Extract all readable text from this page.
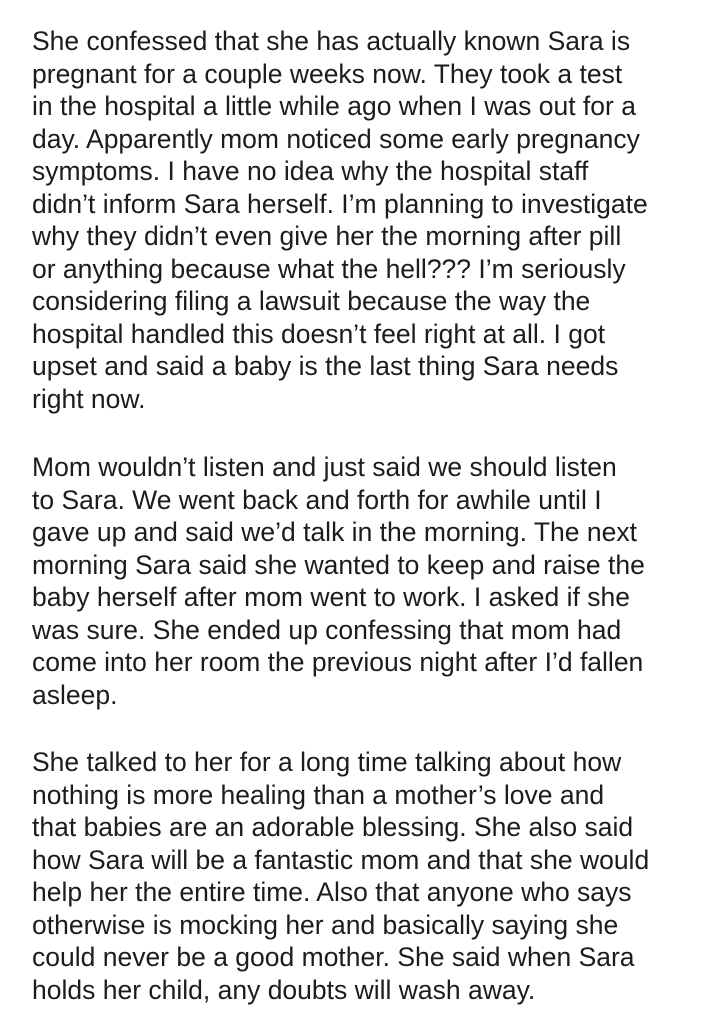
She confessed that she has actually known Sara is
pregnant for a couple weeks now. They took a test
in the hospital a little while ago when I was out for a
day. Apparently mom noticed some early pregnancy
symptoms. I have no idea why the hospital staff
didn’t inform Sara herself. I’m planning to investigate
why they didn’t even give her the morning after pill
or anything because what the hell??? I’m seriously
considering filing a lawsuit because the way the
hospital handled this doesn’t feel right at all. I got
upset and said a baby is the last thing Sara needs
right now.

Mom wouldn’t listen and just said we should listen
to Sara. We went back and forth for awhile until I
gave up and said we’d talk in the morning. The next
morning Sara said she wanted to keep and raise the
baby herself after mom went to work. I asked if she
was sure. She ended up confessing that mom had
come into her room the previous night after I’d fallen
asleep.

She talked to her for a long time talking about how
nothing is more healing than a mother’s love and
that babies are an adorable blessing. She also said
how Sara will be a fantastic mom and that she would
help her the entire time. Also that anyone who says
otherwise is mocking her and basically saying she
could never be a good mother. She said when Sara
holds her child, any doubts will wash away.
